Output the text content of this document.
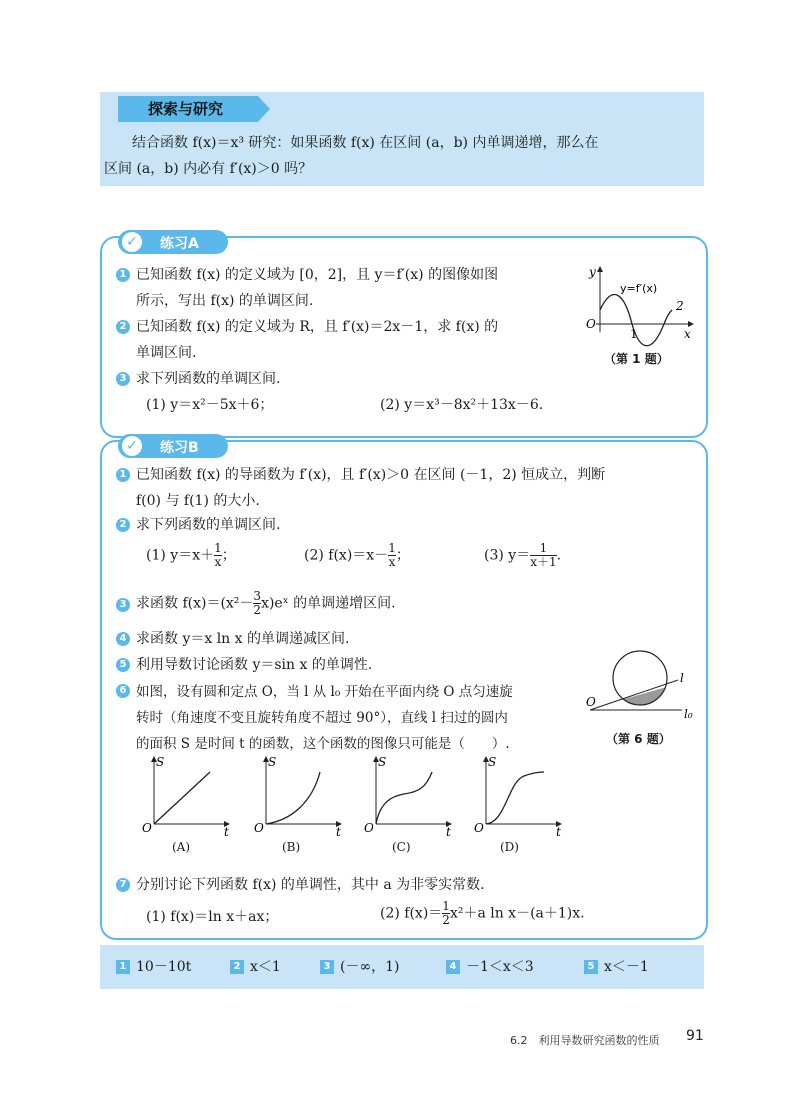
探索与研究
结合函数 f(x)＝x³ 研究：如果函数 f(x) 在区间 (a，b) 内单调递增，那么在
区间 (a，b) 内必有 f′(x)＞0 吗？
✓	练习A
1 已知函数 f(x) 的定义域为 [0，2]，且 y＝f′(x) 的图像如图
所示，写出 f(x) 的单调区间.
2 已知函数 f(x) 的定义域为 R，且 f′(x)＝2x－1，求 f(x) 的
单调区间.
3 求下列函数的单调区间.
(1) y＝x²－5x＋6；	(2) y＝x³－8x²＋13x－6.
2
1
O
y
x
y=f′(x)
（第 1 题）
✓	练习B
1 已知函数 f(x) 的导函数为 f′(x)，且 f′(x)＞0 在区间 (－1，2) 恒成立，判断
f(0) 与 f(1) 的大小.
2 求下列函数的单调区间.
(1) $y=x+ \frac{1}{x}$ ；	(2) $f(x)=x- \frac{1}{x}$ ；	(3) $y= \frac{1}{x+1}$ .
3 求函数 $f(x)=(x^2- \frac{3}{2}$ x)eˣ 的单调递增区间.
4 求函数 y＝x ln x 的单调递减区间.
5 利用导数讨论函数 y＝sin x 的单调性.
6 如图，设有圆和定点 O，当 l 从 l₀ 开始在平面内绕 O 点匀速旋
转时（角速度不变且旋转角度不超过 90°），直线 l 扫过的圆内
的面积 S 是时间 t 的函数，这个函数的图像只可能是（　　）.
O
l
l₀
（第 6 题）
S
t
O
S
t
O
S
t
O
S
t
O
(A)	(B)	(C)	(D)
7 分别讨论下列函数 f(x) 的单调性，其中 a 为非零实常数.
(1) f(x)＝ln x＋ax；	(2) $f(x)= \frac{1}{2} x^2+a$ ln x－(a＋1)x.
1 10－10t	2 x＜1	3 (－∞，1)	4 －1＜x＜3	5 x＜－1
6.2　利用导数研究函数的性质 91
